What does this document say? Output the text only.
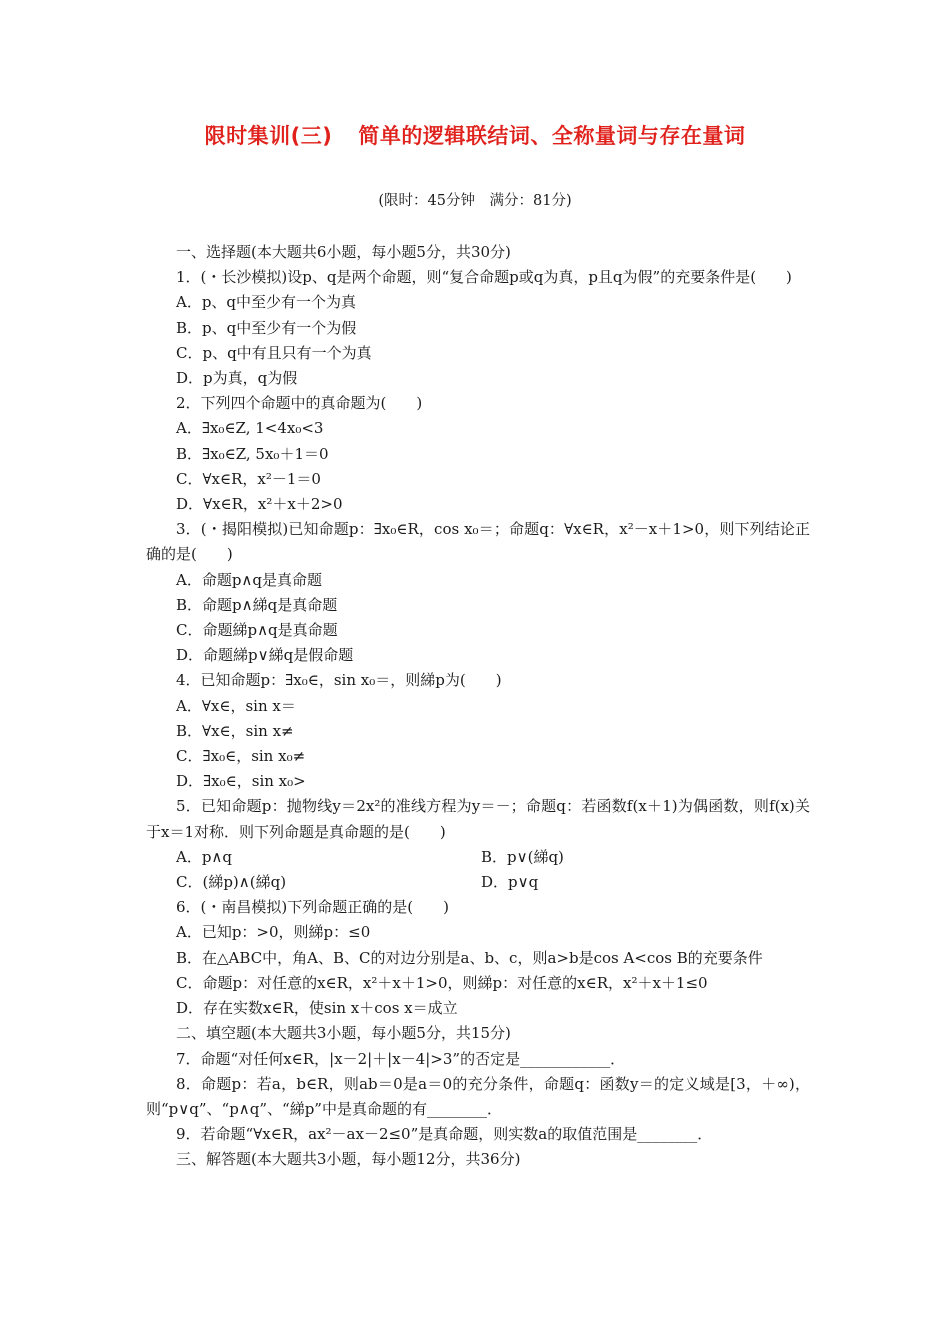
限时集训(三) 简单的逻辑联结词、全称量词与存在量词
(限时：45分钟　满分：81分)
一、选择题(本大题共6小题，每小题5分，共30分)
1．(・长沙模拟)设p、q是两个命题，则“复合命题p或q为真，p且q为假”的充要条件是(　　)
A．p、q中至少有一个为真
B．p、q中至少有一个为假
C．p、q中有且只有一个为真
D．p为真，q为假
2．下列四个命题中的真命题为(　　)
A．∃x₀∈Z, 1<4x₀<3
B．∃x₀∈Z, 5x₀＋1＝0
C．∀x∈R，x²－1＝0
D．∀x∈R，x²＋x＋2>0
3．(・揭阳模拟)已知命题p：∃x₀∈R，cos x₀＝；命题q：∀x∈R，x²－x＋1>0，则下列结论正确的是(　　)
A．命题p∧q是真命题
B．命题p∧綈q是真命题
C．命题綈p∧q是真命题
D．命题綈p∨綈q是假命题
4．已知命题p：∃x₀∈，sin x₀＝，则綈p为(　　)
A．∀x∈，sin x＝
B．∀x∈，sin x≠
C．∃x₀∈，sin x₀≠
D．∃x₀∈，sin x₀>
5．已知命题p：抛物线y＝2x²的准线方程为y＝－；命题q：若函数f(x＋1)为偶函数，则f(x)关于x＝1对称．则下列命题是真命题的是(　　)
A．p∧q	B．p∨(綈q)
C．(綈p)∧(綈q)	D．p∨q
6．(・南昌模拟)下列命题正确的是(　　)
A．已知p：>0，则綈p：≤0
B．在△ABC中，角A、B、C的对边分别是a、b、c，则a>b是cos A<cos B的充要条件
C．命题p：对任意的x∈R，x²＋x＋1>0，则綈p：对任意的x∈R，x²＋x＋1≤0
D．存在实数x∈R，使sin x＋cos x＝成立
二、填空题(本大题共3小题，每小题5分，共15分)
7．命题“对任何x∈R，|x－2|＋|x－4|>3”的否定是____________．
8．命题p：若a，b∈R，则ab＝0是a＝0的充分条件，命题q：函数y＝的定义域是[3，＋∞)，则“p∨q”、“p∧q”、“綈p”中是真命题的有________．
9．若命题“∀x∈R，ax²－ax－2≤0”是真命题，则实数a的取值范围是________．
三、解答题(本大题共3小题，每小题12分，共36分)
